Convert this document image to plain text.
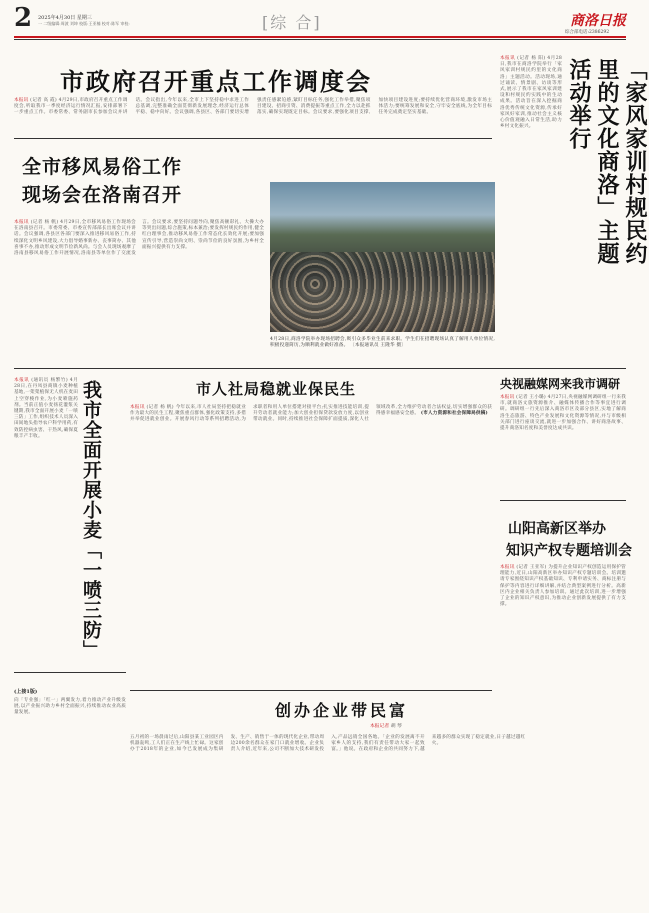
2 2025年4月30日 星期三
一 二级编辑:周波 刘坤 校版:王亚楠 校对:陈军 审校:	[综 合]	商洛日报
综合部电话:2386292
市政府召开重点工作调度会
本报讯 (记者 高 霞) 4月29日,市政府召开重点工作调度会,听取我市一季度经济运行情况汇报,安排部署下一步重点工作。市委常委、常务副市长参加会议并讲话。会议指出,今年以来,全市上下坚持稳中求进工作总基调,完整准确全面贯彻新发展理念,经济运行总体平稳、稳中向好。会议强调,各县区、各部门要切实增强责任感紧迫感,紧盯目标任务,强化工作举措,聚焦项目建设、招商引资、消费提振等重点工作,全力以赴抓落实,确保实现既定目标。会议要求,要强化项目支撑,加快项目建设进度;要持续优化营商环境,激发市场主体活力;要统筹发展和安全,守牢安全底线,为全年目标任务完成奠定坚实基础。
全市移风易俗工作
现场会在洛南召开
本报讯 (记者 杨 帆) 4月29日,全市移风易俗工作现场会在洛南县召开。市委常委、市委宣传部部长出席会议并讲话。会议强调,各县区各部门要深入推进移风易俗工作,持续深化文明乡风建设,大力倡导婚事新办、丧事简办、其他喜事不办,推动形成文明节俭新风尚。与会人员现场观摩了洛南县移风易俗工作开展情况,洛南县等单位作了交流发言。会议要求,要坚持问题导向,聚焦高额彩礼、大操大办等突出问题,综合施策,标本兼治;要发挥村规民约作用,健全红白理事会,推动移风易俗工作常态化长效化开展;要加强宣传引导,营造崇尚文明、崇尚节俭的良好氛围,为乡村全面振兴提供有力支撑。	「家风家训村规民约里的文化商洛」主题活动举行
本报讯 (记者 杨 阳) 4月28日,我市在商洛学院举行「家风家训村规民约里的文化商洛」主题活动。活动现场,通过诵读、情景剧、访谈等形式,展示了我市在家风家训建设和村规民约实践中的生动成果。活动旨在深入挖掘商洛优秀传统文化资源,传承好家风好家训,推动社会主义核心价值观融入日常生活,助力乡村文化振兴。
4月28日,商洛学院举办现场招聘会,吸引众多毕业生前来求职。学生们在招聘现场认真了解用人单位情况,积极投递简历,为顺利就业做好准备。 〔本报通讯员 王隆华 摄〕
央视融媒网来我市调研
本报讯 (记者 王小璐) 4月27日,央视融媒网调研组一行来我市,就商洛文旅资源推介、融媒体传播合作等事宜进行调研。调研组一行先后深入商洛市区及部分县区,实地了解商洛生态旅游、特色产业发展和文化资源等情况,并与市级相关部门进行座谈交流,就进一步加强合作、讲好商洛故事、提升商洛知名度和美誉度达成共识。
山阳高新区举办
知识产权专题培训会
本报讯 (记者 王亚军) 为提升企业知识产权创造运用保护管理能力,近日,山阳高新区举办知识产权专题培训会。培训邀请专家围绕知识产权基础知识、专利申请实务、商标注册与保护等内容进行详细讲解,并结合典型案例进行分析。高新区内企业相关负责人参加培训。通过此次培训,进一步增强了企业的知识产权意识,为推动企业创新发展提供了有力支撑。
市人社局稳就业保民生
本报讯 (记者 杨 帆) 今年以来,市人社局坚持把稳就业作为最大的民生工程,聚焦重点群体,强化政策支持,多措并举促进就业创业。开展春风行动等系列招聘活动,为求职者和用人单位搭建对接平台;扎实推进技能培训,提升劳动者就业能力;加大创业担保贷款发放力度,以创业带动就业。同时,持续推进社会保障扩面提质,深化人社领域改革,全力维护劳动者合法权益,切实增强群众的获得感幸福感安全感。 (市人力资源和社会保障局供稿)
本报讯 (通讯员 杨繁竹) 4月28日,在丹凤县商镇小麦种植基地,一架架植保无人机在麦田上空穿梭作业,为小麦喷施药剂。当前正值小麦扬花灌浆关键期,我市全面开展小麦「一喷三防」工作,组织技术人员深入田间地头指导农户科学用药,有效防控病虫害、干热风,确保夏粮丰产丰收。	我市全面开展小麦「一喷三防」
(上接1版)
向「专业强」「红一」两翼发力,着力推动产业升级发展,以产业振兴助力乡村全面振兴,持续推动农业高质量发展。	创办企业带民富
本报记者 胡 琴
五月初的一场晨雨过后,山阳县某工业园区内机器轰鸣,工人们正在生产线上忙碌。这家创办于2018年的企业,如今已发展成为集研发、生产、销售于一体的现代化企业,带动周边200余名群众在家门口就业增收。企业负责人介绍,近年来,公司不断加大技术研发投入,产品远销全国各地。「企业的发展离不开家乡人的支持,我们有责任带动大家一起致富。」他说。在政府和企业的共同努力下,越来越多的群众实现了稳定就业,日子越过越红火。
